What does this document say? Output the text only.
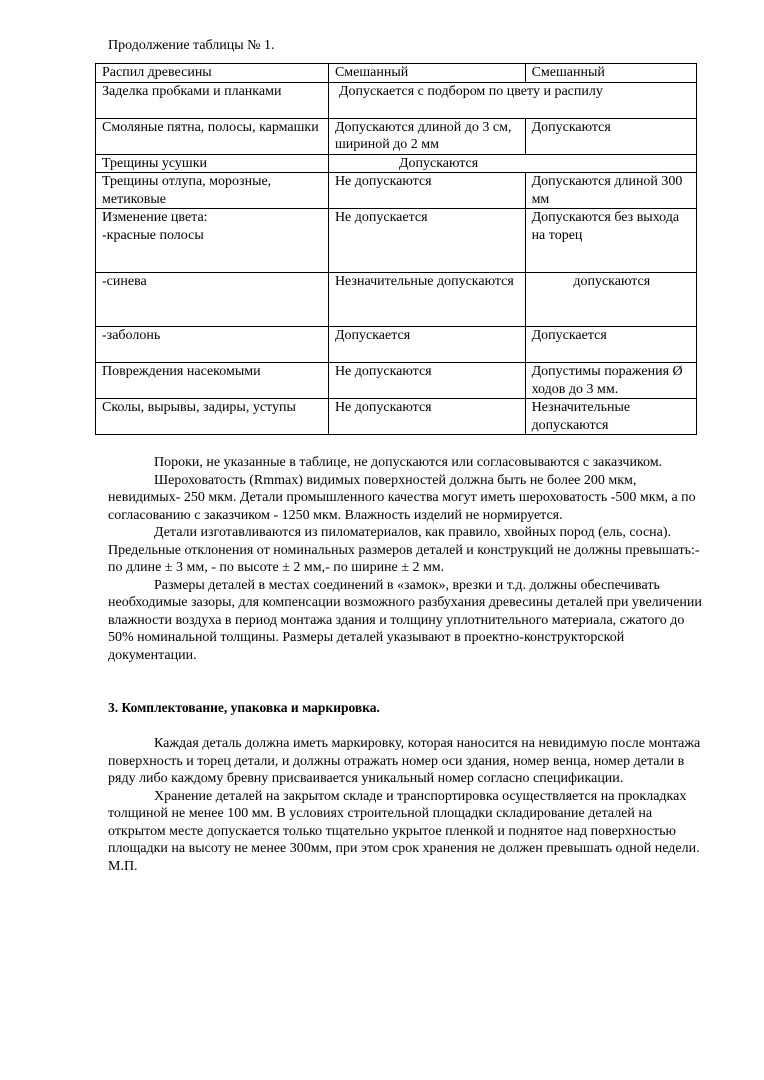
Продолжение таблицы № 1.
Распил древесины	Смешанный	Смешанный
Заделка пробками и планками	Допускается с подбором по цвету и распилу	
Смоляные пятна, полосы, кармашки	Допускаются длиной до 3 см, шириной до 2 мм	Допускаются
Трещины усушки	Допускаются	
Трещины отлупа, морозные, метиковые	Не допускаются	Допускаются длиной 300 мм
Изменение цвета:
-красные полосы	Не допускается	Допускаются без выхода на торец
-синева	Незначительные допускаются	допускаются
-заболонь	Допускается	Допускается
Повреждения насекомыми	Не допускаются	Допустимы поражения Ø ходов до 3 мм.
Сколы, вырывы, задиры, уступы	Не допускаются	Незначительные допускаются

Пороки, не указанные в таблице, не допускаются или согласовываются с заказчиком.

Шероховатость (Rmmax) видимых поверхностей должна быть не более 200 мкм, невидимых- 250 мкм. Детали промышленного качества могут иметь шероховатость -500 мкм, а по согласованию с заказчиком - 1250 мкм. Влажность изделий не нормируется.

Детали изготавливаются из пиломатериалов, как правило, хвойных пород (ель, сосна). Предельные отклонения от номинальных размеров деталей и конструкций не должны превышать:- по длине ± 3 мм, - по высоте ± 2 мм,- по ширине ± 2 мм.

Размеры деталей в местах соединений в «замок», врезки и т.д. должны обеспечивать необходимые зазоры, для компенсации возможного разбухания древесины деталей при увеличении влажности воздуха в период монтажа здания и толщину уплотнительного материала, сжатого до 50% номинальной толщины. Размеры деталей указывают в проектно-конструкторской документации.

3. Комплектование, упаковка и маркировка.

Каждая деталь должна иметь маркировку, которая наносится на невидимую после монтажа поверхность и торец детали, и должны отражать номер оси здания, номер венца, номер детали в ряду либо каждому бревну присваивается уникальный номер согласно спецификации.

Хранение деталей на закрытом складе и транспортировка осуществляется на прокладках толщиной не менее 100 мм. В условиях строительной площадки складирование деталей на открытом месте допускается только тщательно укрытое пленкой и поднятое над поверхностью площадки на высоту не менее 300мм, при этом срок хранения не должен превышать одной недели.

М.П.
